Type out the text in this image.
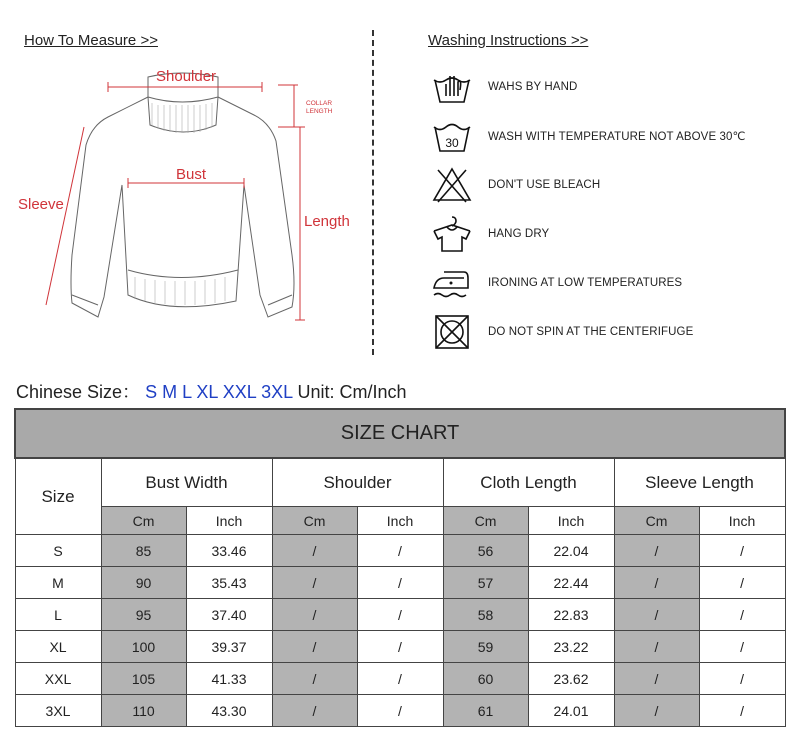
How To Measure >>
Shoulder
COLLAR
LENGTH
Bust
Sleeve
Length
Washing Instructions >>
WAHS BY HAND
30	WASH WITH TEMPERATURE NOT ABOVE 30℃
DON'T USE BLEACH
HANG DRY
IRONING AT LOW TEMPERATURES
DO NOT SPIN AT THE CENTERIFUGE
Chinese Size： S M L XL XXL 3XL Unit: Cm/Inch
SIZE CHART								
Size	Bust Width		Shoulder		Cloth Length		Sleeve Length	
	Cm	Inch	Cm	Inch	Cm	Inch	Cm	Inch
S	85	33.46	/	/	56	22.04	/	/
M	90	35.43	/	/	57	22.44	/	/
L	95	37.40	/	/	58	22.83	/	/
XL	100	39.37	/	/	59	23.22	/	/
XXL	105	41.33	/	/	60	23.62	/	/
3XL	110	43.30	/	/	61	24.01	/	/
